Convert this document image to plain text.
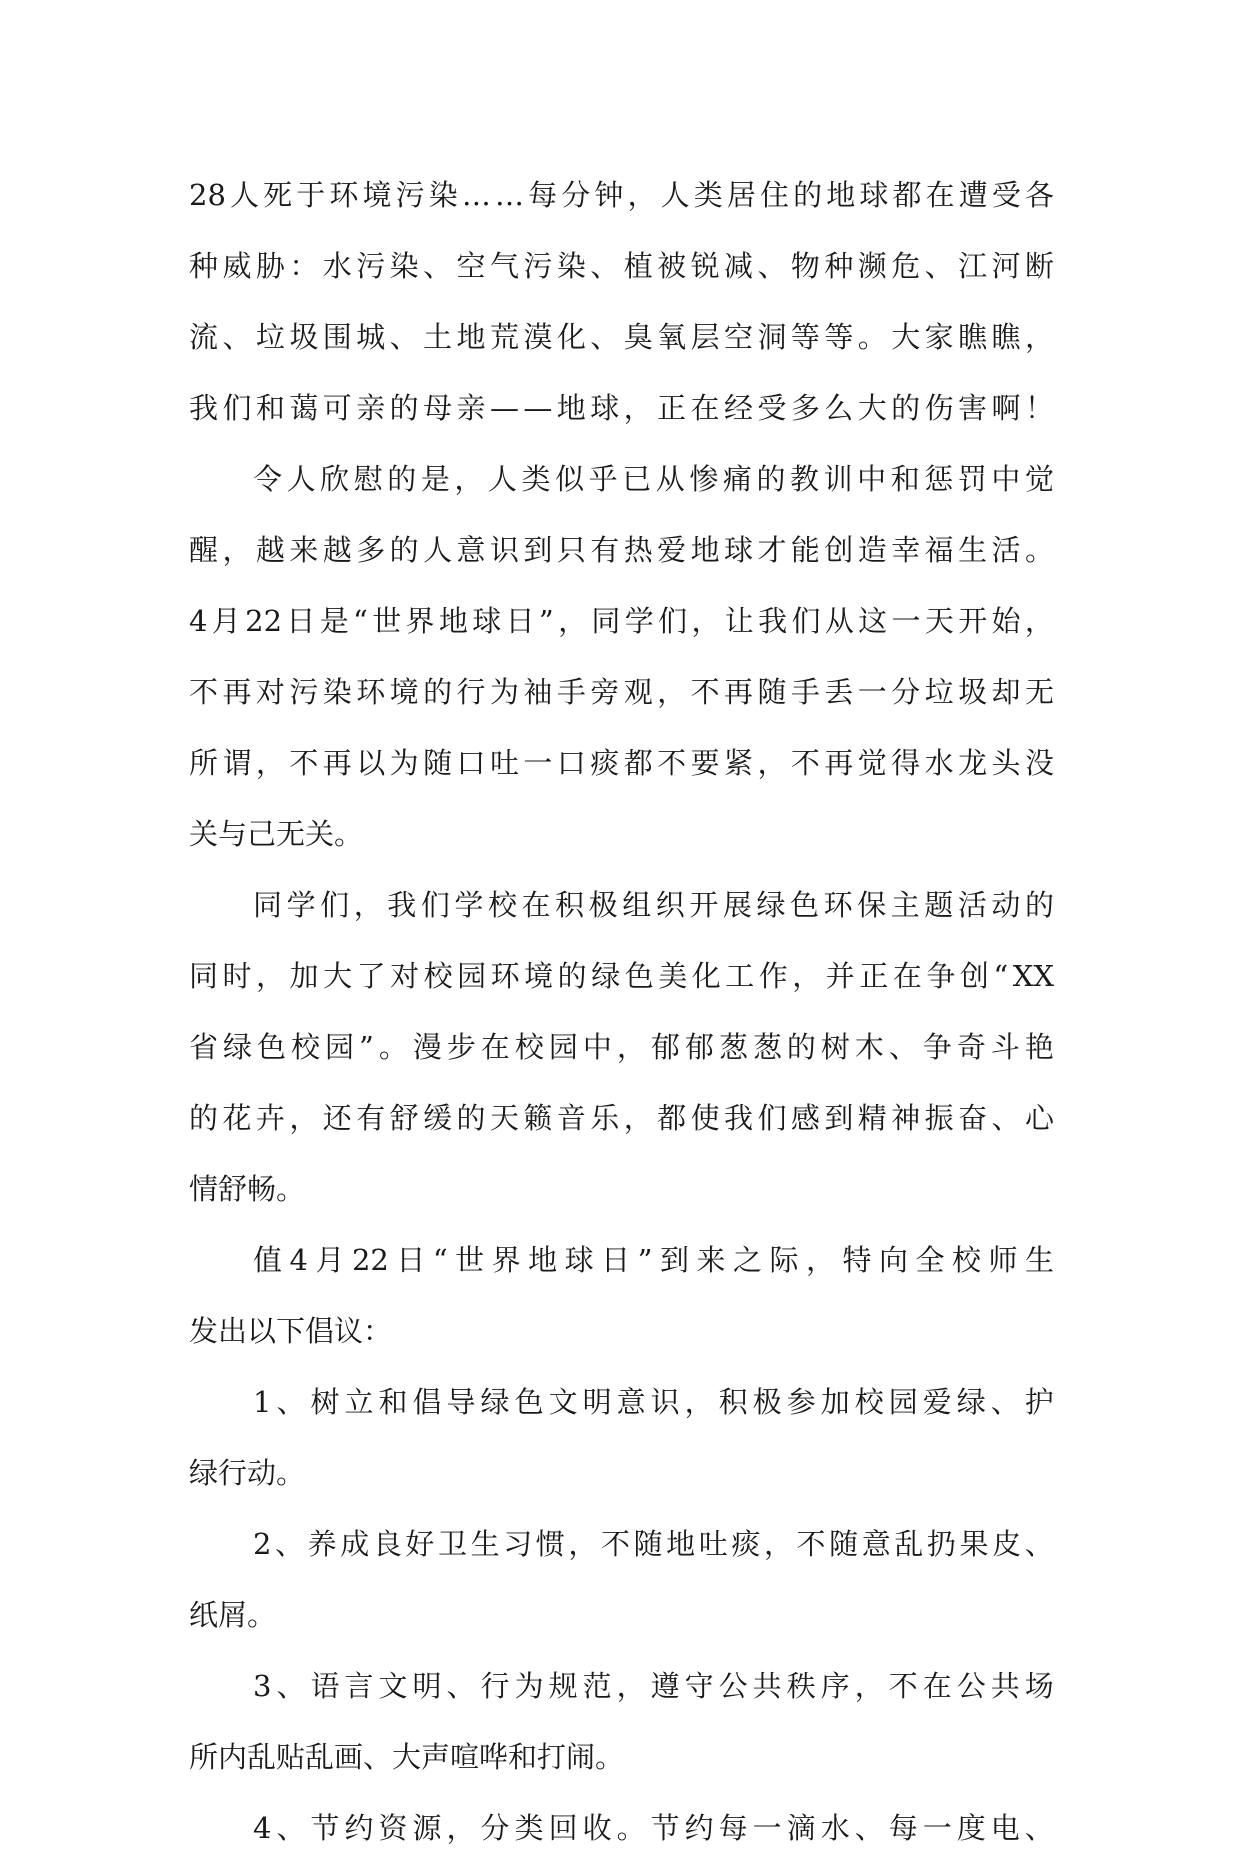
28 人 死 于 环 境 污 染 … … 每 分 钟 ， 人 类 居 住 的 地 球 都 在 遭 受 各
种 威 胁 ： 水 污 染 、 空 气 污 染 、 植 被 锐 减 、 物 种 濒 危 、 江 河 断
流 、 垃 圾 围 城 、 土 地 荒 漠 化 、 臭 氧 层 空 洞 等 等 。 大 家 瞧 瞧 ，
我 们 和 蔼 可 亲 的 母 亲 — — 地 球 ， 正 在 经 受 多 么 大 的 伤 害 啊 ！
令 人 欣 慰 的 是 ， 人 类 似 乎 已 从 惨 痛 的 教 训 中 和 惩 罚 中 觉
醒 ， 越 来 越 多 的 人 意 识 到 只 有 热 爱 地 球 才 能 创 造 幸 福 生 活 。
4 月 22 日 是 “ 世 界 地 球 日 ” ， 同 学 们 ， 让 我 们 从 这 一 天 开 始 ，
不 再 对 污 染 环 境 的 行 为 袖 手 旁 观 ， 不 再 随 手 丢 一 分 垃 圾 却 无
所 谓 ， 不 再 以 为 随 口 吐 一 口 痰 都 不 要 紧 ， 不 再 觉 得 水 龙 头 没
关与己无关。
同 学 们 ， 我 们 学 校 在 积 极 组 织 开 展 绿 色 环 保 主 题 活 动 的
同 时 ， 加 大 了 对 校 园 环 境 的 绿 色 美 化 工 作 ， 并 正 在 争 创 “ XX
省 绿 色 校 园 ” 。 漫 步 在 校 园 中 ， 郁 郁 葱 葱 的 树 木 、 争 奇 斗 艳
的 花 卉 ， 还 有 舒 缓 的 天 籁 音 乐 ， 都 使 我 们 感 到 精 神 振 奋 、 心
情舒畅。
值 4 月 22 日 “ 世 界 地 球 日 ” 到 来 之 际 ， 特 向 全 校 师 生
发出以下倡议：
1 、 树 立 和 倡 导 绿 色 文 明 意 识 ， 积 极 参 加 校 园 爱 绿 、 护
绿行动。
2 、 养 成 良 好 卫 生 习 惯 ， 不 随 地 吐 痰 ， 不 随 意 乱 扔 果 皮 、
纸屑。
3 、 语 言 文 明 、 行 为 规 范 ， 遵 守 公 共 秩 序 ， 不 在 公 共 场
所内乱贴乱画、大声喧哗和打闹。
4 、 节 约 资 源 ， 分 类 回 收 。 节 约 每 一 滴 水 、 每 一 度 电 、
